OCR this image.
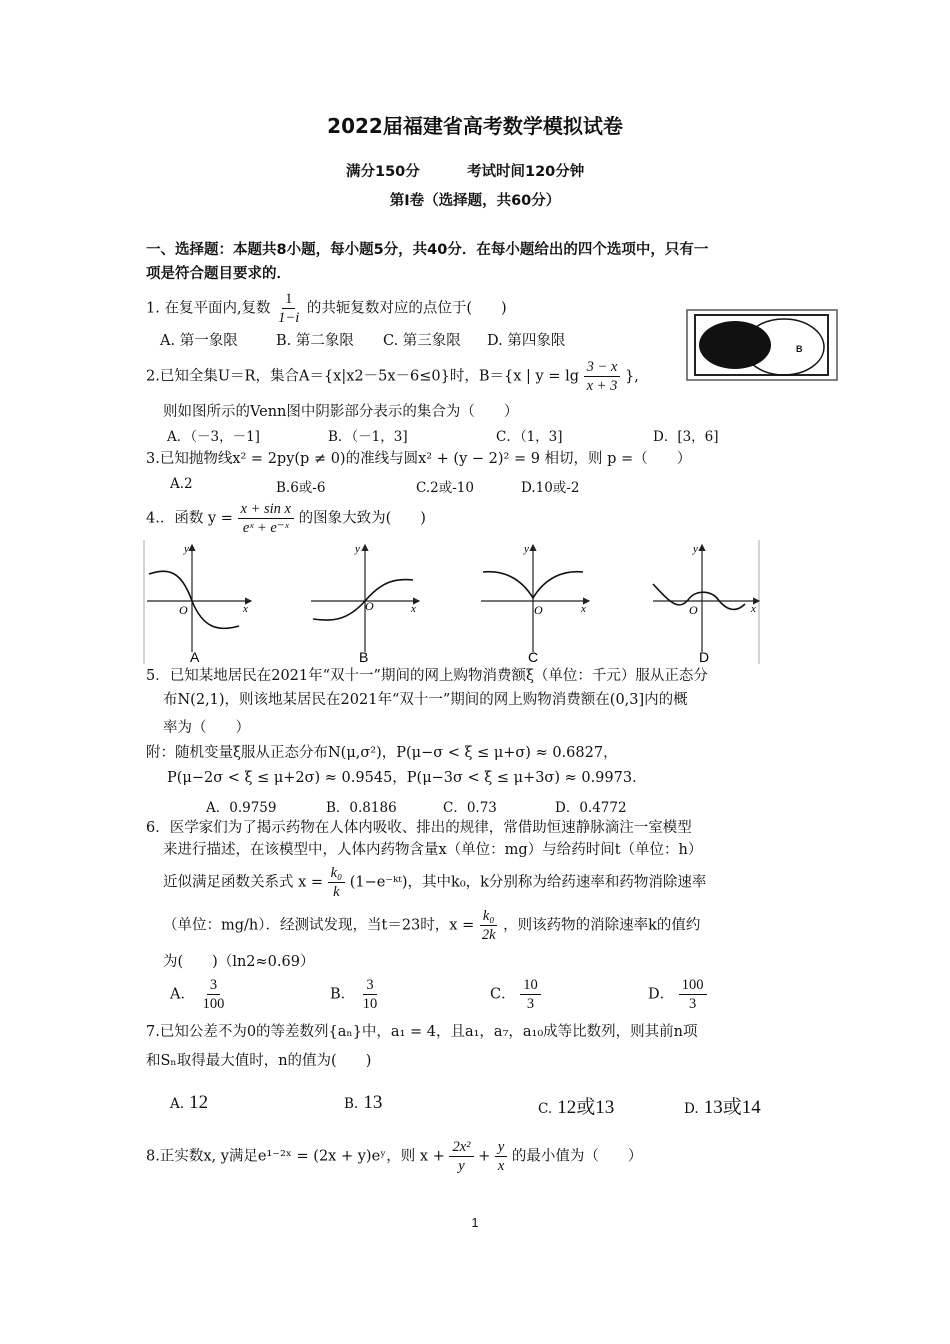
2022届福建省高考数学模拟试卷
满分150分	考试时间120分钟
第Ⅰ卷（选择题，共60分）
一、选择题：本题共8小题，每小题5分，共40分．在每小题给出的四个选项中，只有一
项是符合题目要求的．
1. 在复平面内,复数 $\frac{1}{1-i}$ 的共轭复数对应的点位于(　　)
A. 第一象限	B. 第二象限 C. 第三象限 D. 第四象限
U
B
2.已知全集U＝R，集合A＝{x|x2－5x－6≤0}时，B＝{x | $y = \lg \frac{3 - x}{x + 3}$ },
则如图所示的Venn图中阴影部分表示的集合为（　　）
A．（－3，－1]	B．（－1，3]	C．（1，3]	D．[3，6]
3.已知抛物线x² = 2py(p ≠ 0)的准线与圆x² + (y − 2)² = 9 相切，则 p =（　　）
A.2	B.6或-6	C.2或-10	D.10或-2
4.．函数 $y = \frac{\text{x + sin x}}{\text{eˣ + e⁻ˣ}}$ 的图象大致为(　　)
y
x
O
A
y
x
O
B
y
x
O
C
y
x
O
D
5．已知某地居民在2021年“双十一”期间的网上购物消费额ξ（单位：千元）服从正态分
布N(2,1)，则该地某居民在2021年“双十一”期间的网上购物消费额在(0,3]内的概
率为（　　）
附：随机变量ξ服从正态分布N(μ,σ²)，P(μ−σ < ξ ≤ μ+σ) ≈ 0.6827，
P(μ−2σ < ξ ≤ μ+2σ) ≈ 0.9545，P(μ−3σ < ξ ≤ μ+3σ) ≈ 0.9973．
A．0.9759	B．0.8186	C．0.73	D．0.4772
6．医学家们为了揭示药物在人体内吸收、排出的规律，常借助恒速静脉滴注一室模型
来进行描述，在该模型中，人体内药物含量x（单位：mg）与给药时间t（单位：h）
近似满足函数关系式 $x = \frac{\text{k₀}}{k}$ (1−e⁻ᵏᵗ)，其中k₀，k分别称为给药速率和药物消除速率
（单位：mg/h）．经测试发现，当t＝23时，$x = \frac{\text{k₀}}{2k}$ ，则该药物的消除速率k的值约
为(　　)（ln2≈0.69）
A． $\frac{3}{100}$	B． $\frac{3}{10}$	C． $\frac{10}{3}$	D． $\frac{100}{3}$
7.已知公差不为0的等差数列{aₙ}中，a₁ = 4，且a₁，a₇，a₁₀成等比数列，则其前n项
和Sₙ取得最大值时，n的值为(　　)
A. 12	B. 13	C. 12或13	D. 13或14
8.正实数x, y满足e¹⁻²ˣ = (2x + y)eʸ，则 $x + \frac{\text{2x²}}{y} + \frac{y}{x}$ 的最小值为（　　）
1
